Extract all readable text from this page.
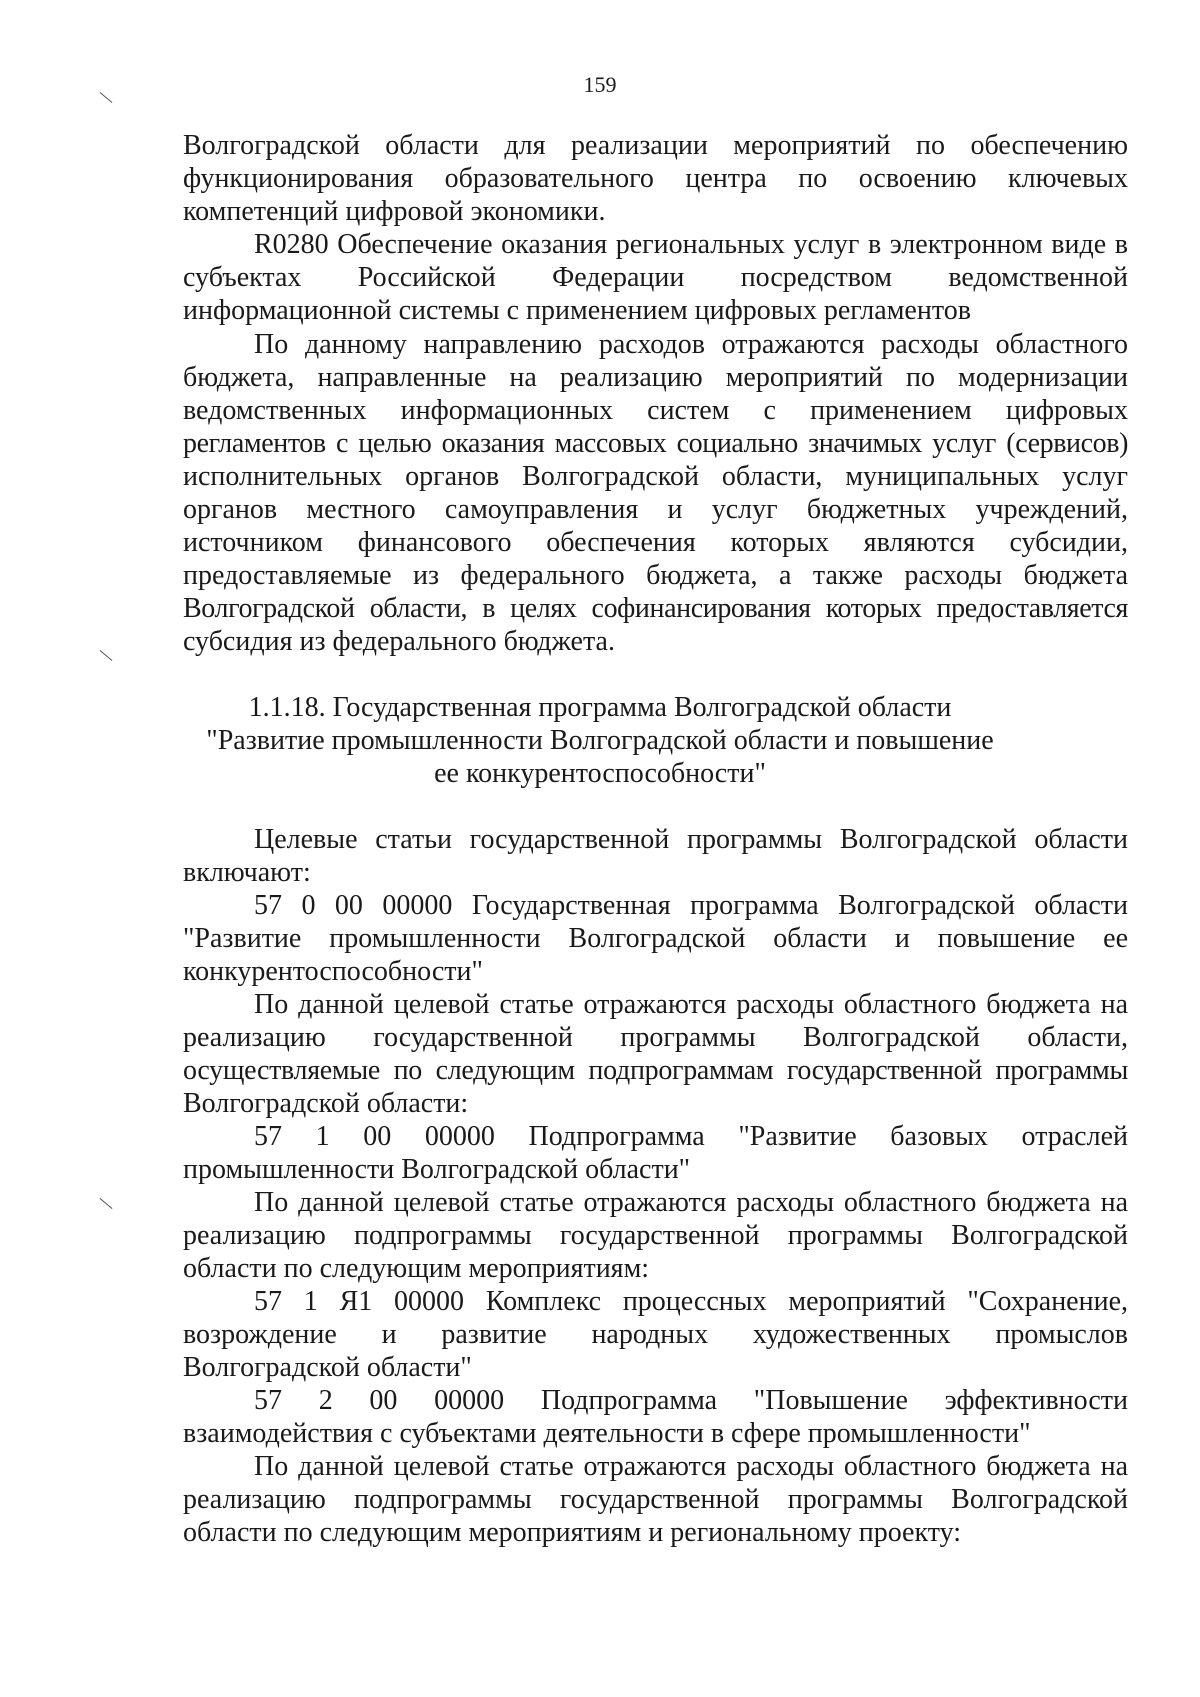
159
Волгоградской области для реализации мероприятий по обеспечению
функционирования образовательного центра по освоению ключевых
компетенций цифровой экономики.
R0280 Обеспечение оказания региональных услуг в электронном виде в
субъектах Российской Федерации посредством ведомственной
информационной системы с применением цифровых регламентов
По данному направлению расходов отражаются расходы областного
бюджета, направленные на реализацию мероприятий по модернизации
ведомственных информационных систем с применением цифровых
регламентов с целью оказания массовых социально значимых услуг (сервисов)
исполнительных органов Волгоградской области, муниципальных услуг
органов местного самоуправления и услуг бюджетных учреждений,
источником финансового обеспечения которых являются субсидии,
предоставляемые из федерального бюджета, а также расходы бюджета
Волгоградской области, в целях софинансирования которых предоставляется
субсидия из федерального бюджета.
1.1.18. Государственная программа Волгоградской области
"Развитие промышленности Волгоградской области и повышение
ее конкурентоспособности"
Целевые статьи государственной программы Волгоградской области
включают:
57 0 00 00000 Государственная программа Волгоградской области
"Развитие промышленности Волгоградской области и повышение ее
конкурентоспособности"
По данной целевой статье отражаются расходы областного бюджета на
реализацию государственной программы Волгоградской области,
осуществляемые по следующим подпрограммам государственной программы
Волгоградской области:
57 1 00 00000 Подпрограмма "Развитие базовых отраслей
промышленности Волгоградской области"
По данной целевой статье отражаются расходы областного бюджета на
реализацию подпрограммы государственной программы Волгоградской
области по следующим мероприятиям:
57 1 Я1 00000 Комплекс процессных мероприятий "Сохранение,
возрождение и развитие народных художественных промыслов
Волгоградской области"
57 2 00 00000 Подпрограмма "Повышение эффективности
взаимодействия с субъектами деятельности в сфере промышленности"
По данной целевой статье отражаются расходы областного бюджета на
реализацию подпрограммы государственной программы Волгоградской
области по следующим мероприятиям и региональному проекту:
